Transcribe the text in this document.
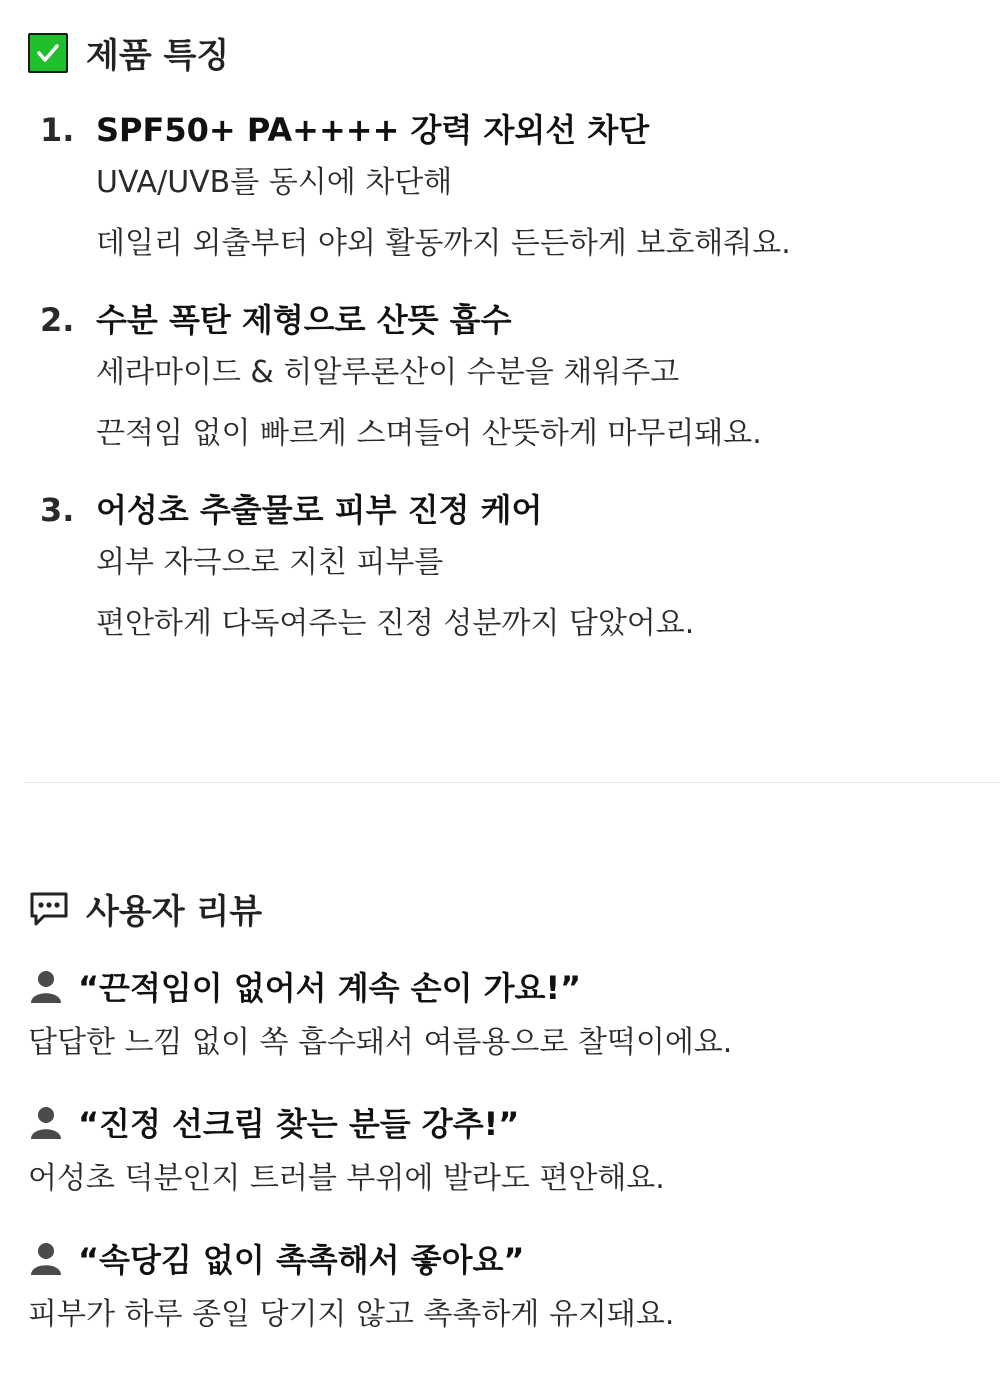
제품 특징
1. SPF50+ PA++++ 강력 자외선 차단
UVA/UVB를 동시에 차단해
데일리 외출부터 야외 활동까지 든든하게 보호해줘요.
2. 수분 폭탄 제형으로 산뜻 흡수
세라마이드 & 히알루론산이 수분을 채워주고
끈적임 없이 빠르게 스며들어 산뜻하게 마무리돼요.
3. 어성초 추출물로 피부 진정 케어
외부 자극으로 지친 피부를
편안하게 다독여주는 진정 성분까지 담았어요.
사용자 리뷰
“끈적임이 없어서 계속 손이 가요!”
답답한 느낌 없이 쏙 흡수돼서 여름용으로 찰떡이에요.
“진정 선크림 찾는 분들 강추!”
어성초 덕분인지 트러블 부위에 발라도 편안해요.
“속당김 없이 촉촉해서 좋아요”
피부가 하루 종일 당기지 않고 촉촉하게 유지돼요.
